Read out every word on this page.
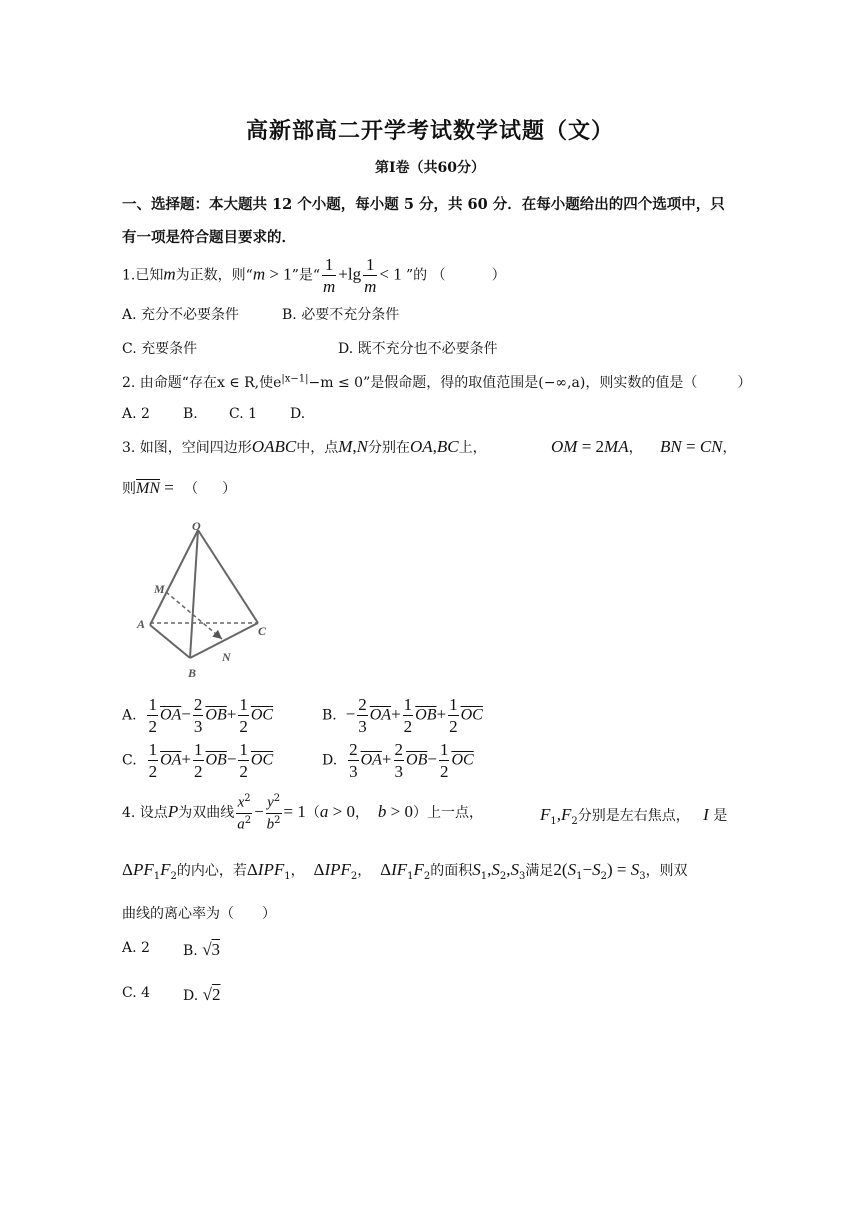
高新部高二开学考试数学试题（文）
第Ⅰ卷（共60分）
一、选择题：本大题共 12 个小题，每小题 5 分，共 60 分．在每小题给出的四个选项中，只
有一项是符合题目要求的．
1.已知m为正数，则“m > 1”是“ $\frac{1}{m} +\lg \frac{1}{m} < 1$ ”的 （	）
A. 充分不必要条件	B. 必要不充分条件
C. 充要条件	D. 既不充分也不必要条件
2. 由命题“存在x ∈ R,使$e^{|x-1|}-m \le 0$”是假命题，得的取值范围是(−∞,a)，则实数的值是（	）
A. 2 B. C. 1 D.
3. 如图，空间四边形OABC中，点M,N分别在OA,BC上，	OM = 2MA， BN = CN，
则$\overline{MN}$ = （ ）
O
M
A	C
N
B
A. $\frac{1}{2} \overline{OA}- \frac{2}{3} \overline{OB}+ \frac{1}{2} \overline{OC}$	B. − $\frac{2}{3} \overline{OA}+ \frac{1}{2} \overline{OB}+ \frac{1}{2} \overline{OC}$
C. $\frac{1}{2} \overline{OA}+ \frac{1}{2} \overline{OB}- \frac{1}{2} \overline{OC}$	D. $\frac{2}{3} \overline{OA}+ \frac{2}{3} \overline{OB}- \frac{1}{2} \overline{OC}$
4. 设点P为双曲线 $\frac{x^2}{a^2} - \frac{y^2}{b^2} = 1(a > 0$， b > 0）上一点，	$F_1,F_2$分别是左右焦点， I 是
$\Delta PF_1F_2$的内心，若$\Delta IPF_1$， $\Delta IPF_2$， $\Delta IF_1F_2$的面积$S_1,S_2,S_3$满足$2(S_1-S_2) = S_3$，则双
曲线的离心率为（ ）
A. 2 B. √3
C. 4 D. √2
